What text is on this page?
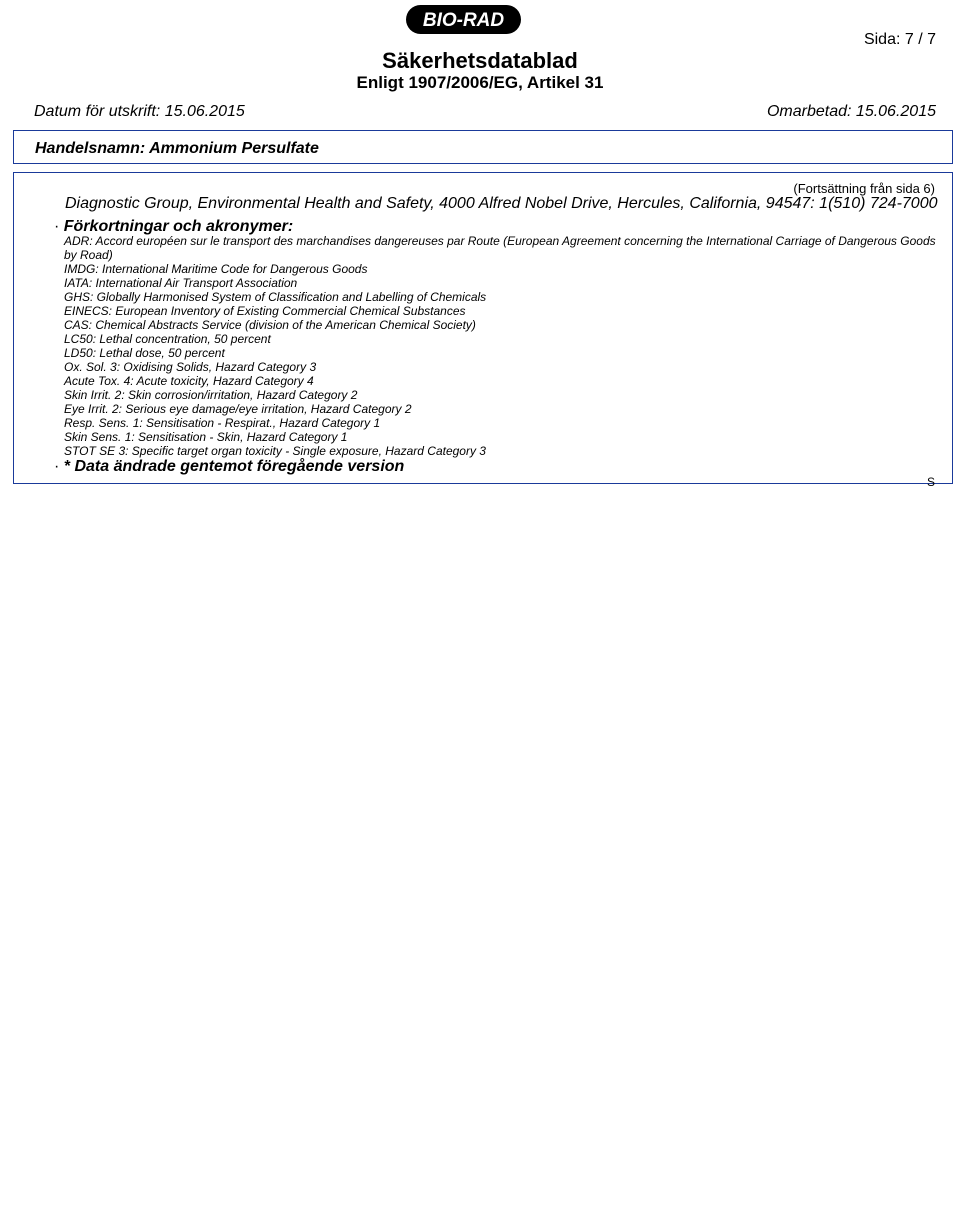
BIO-RAD
Sida: 7 / 7
Säkerhetsdatablad
Enligt 1907/2006/EG, Artikel 31
Datum för utskrift: 15.06.2015	Omarbetad: 15.06.2015
Handelsnamn: Ammonium Persulfate
(Fortsättning från sida 6)
Diagnostic Group, Environmental Health and Safety, 4000 Alfred Nobel Drive, Hercules, California, 94547: 1(510) 724-7000
· Förkortningar och akronymer:
ADR: Accord européen sur le transport des marchandises dangereuses par Route (European Agreement concerning the International Carriage of Dangerous Goods by Road)
IMDG: International Maritime Code for Dangerous Goods
IATA: International Air Transport Association
GHS: Globally Harmonised System of Classification and Labelling of Chemicals
EINECS: European Inventory of Existing Commercial Chemical Substances
CAS: Chemical Abstracts Service (division of the American Chemical Society)
LC50: Lethal concentration, 50 percent
LD50: Lethal dose, 50 percent
Ox. Sol. 3: Oxidising Solids, Hazard Category 3
Acute Tox. 4: Acute toxicity, Hazard Category 4
Skin Irrit. 2: Skin corrosion/irritation, Hazard Category 2
Eye Irrit. 2: Serious eye damage/eye irritation, Hazard Category 2
Resp. Sens. 1: Sensitisation - Respirat., Hazard Category 1
Skin Sens. 1: Sensitisation - Skin, Hazard Category 1
STOT SE 3: Specific target organ toxicity - Single exposure, Hazard Category 3
· * Data ändrade gentemot föregående version
S
